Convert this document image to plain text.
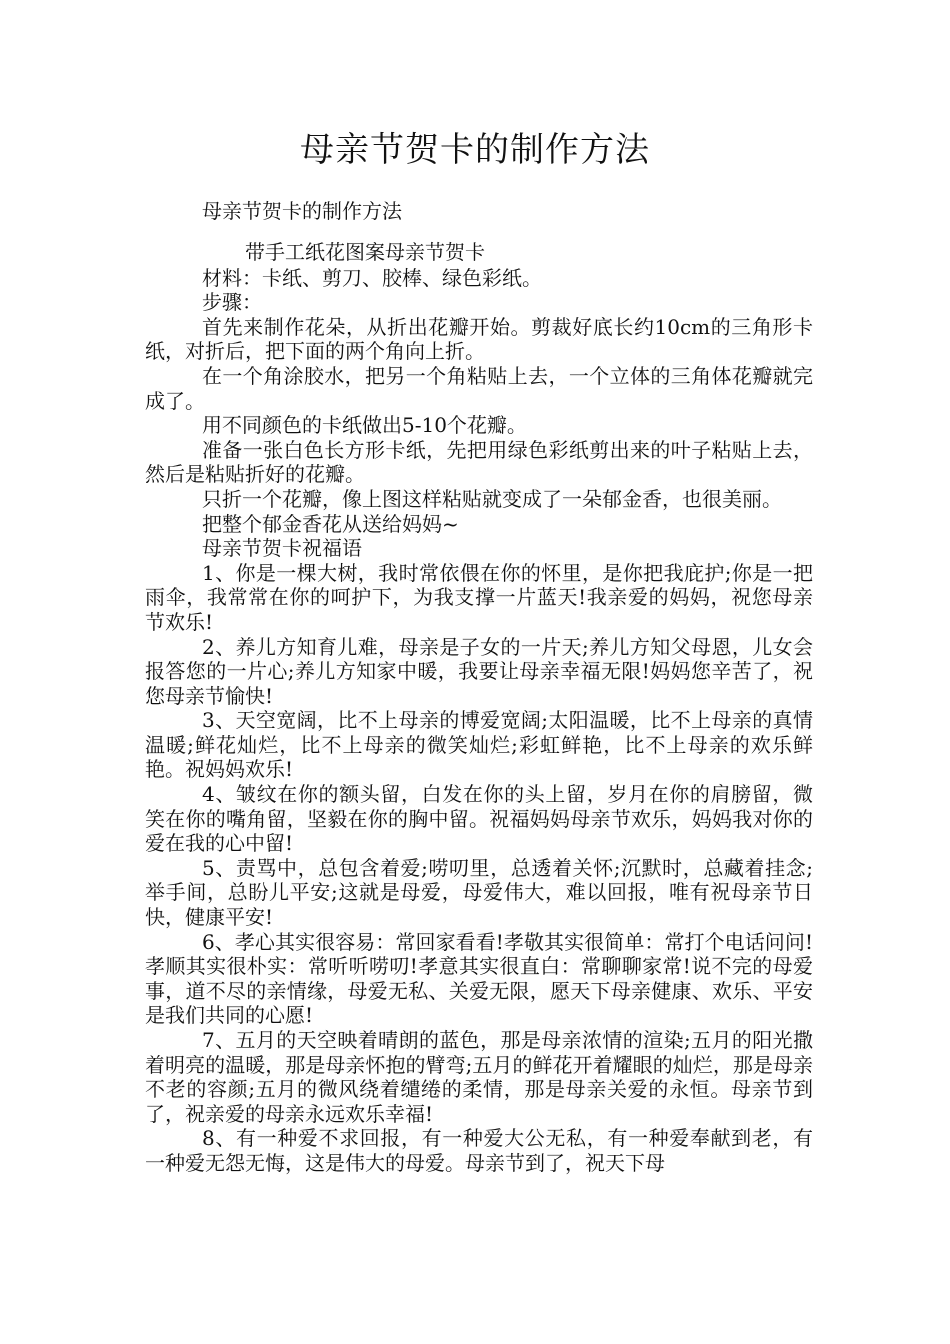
母亲节贺卡的制作方法
母亲节贺卡的制作方法

带手工纸花图案母亲节贺卡

材料：卡纸、剪刀、胶棒、绿色彩纸。

步骤：

首先来制作花朵，从折出花瓣开始。剪裁好底长约10cm的三角形卡纸，对折后，把下面的两个角向上折。

在一个角涂胶水，把另一个角粘贴上去，一个立体的三角体花瓣就完成了。

用不同颜色的卡纸做出5-10个花瓣。

准备一张白色长方形卡纸，先把用绿色彩纸剪出来的叶子粘贴上去，然后是粘贴折好的花瓣。

只折一个花瓣，像上图这样粘贴就变成了一朵郁金香，也很美丽。

把整个郁金香花从送给妈妈~

母亲节贺卡祝福语

1、你是一棵大树，我时常依偎在你的怀里，是你把我庇护;你是一把雨伞，我常常在你的呵护下，为我支撑一片蓝天!我亲爱的妈妈，祝您母亲节欢乐!

2、养儿方知育儿难，母亲是子女的一片天;养儿方知父母恩，儿女会报答您的一片心;养儿方知家中暖，我要让母亲幸福无限!妈妈您辛苦了，祝您母亲节愉快!

3、天空宽阔，比不上母亲的博爱宽阔;太阳温暖，比不上母亲的真情温暖;鲜花灿烂，比不上母亲的微笑灿烂;彩虹鲜艳，比不上母亲的欢乐鲜艳。祝妈妈欢乐!

4、皱纹在你的额头留，白发在你的头上留，岁月在你的肩膀留，微笑在你的嘴角留，坚毅在你的胸中留。祝福妈妈母亲节欢乐，妈妈我对你的爱在我的心中留!

5、责骂中，总包含着爱;唠叨里，总透着关怀;沉默时，总藏着挂念;举手间，总盼儿平安;这就是母爱，母爱伟大，难以回报，唯有祝母亲节日快，健康平安!

6、孝心其实很容易：常回家看看!孝敬其实很简单：常打个电话问问!孝顺其实很朴实：常听听唠叨!孝意其实很直白：常聊聊家常!说不完的母爱事，道不尽的亲情缘，母爱无私、关爱无限，愿天下母亲健康、欢乐、平安是我们共同的心愿!

7、五月的天空映着晴朗的蓝色，那是母亲浓情的渲染;五月的阳光撒着明亮的温暖，那是母亲怀抱的臂弯;五月的鲜花开着耀眼的灿烂，那是母亲不老的容颜;五月的微风绕着缱绻的柔情，那是母亲关爱的永恒。母亲节到了，祝亲爱的母亲永远欢乐幸福!

8、有一种爱不求回报，有一种爱大公无私，有一种爱奉献到老，有一种爱无怨无悔，这是伟大的母爱。母亲节到了，祝天下母
